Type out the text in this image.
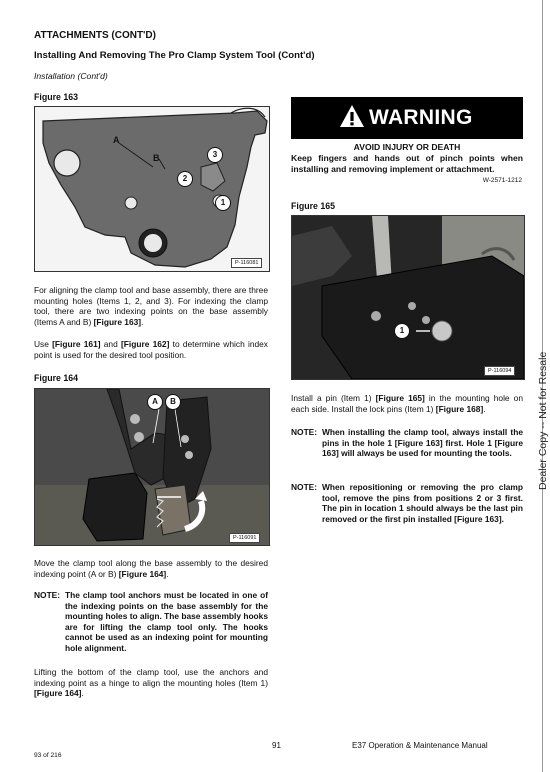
ATTACHMENTS (CONT'D)
Installing And Removing The Pro Clamp System Tool (Cont'd)
Installation (Cont'd)
Figure 163
A
B
1
2
3
P-116081
For aligning the clamp tool and base assembly, there are three mounting holes (Items 1, 2, and 3). For indexing the clamp tool, there are two indexing points on the base assembly (Items A and B) [Figure 163].
Use [Figure 161] and [Figure 162] to determine which index point is used for the desired tool position.
Figure 164
A	B
P-116091
Move the clamp tool along the base assembly to the desired indexing point (A or B) [Figure 164].
NOTE: The clamp tool anchors must be located in one of the indexing points on the base assembly for the mounting holes to align. The base assembly hooks are for lifting the clamp tool only. The hooks cannot be used as an indexing point for mounting hole alignment.
Lifting the bottom of the clamp tool, use the anchors and indexing point as a hinge to align the mounting holes (Item 1) [Figure 164].
WARNING
AVOID INJURY OR DEATH
Keep fingers and hands out of pinch points when installing and removing implement or attachment.
W-2571-1212
Figure 165
1
P-116094
Install a pin (Item 1) [Figure 165] in the mounting hole on each side. Install the lock pins (Item 1) [Figure 168].
NOTE: When installing the clamp tool, always install the pins in the hole 1 [Figure 163] first. Hole 1 [Figure 163] will always be used for mounting the tools.
NOTE: When repositioning or removing the pro clamp tool, remove the pins from positions 2 or 3 first. The pin in location 1 should always be the last pin removed or the first pin installed [Figure 163].
Dealer Copy -- Not for Resale
91	E37 Operation & Maintenance Manual
93 of 216
